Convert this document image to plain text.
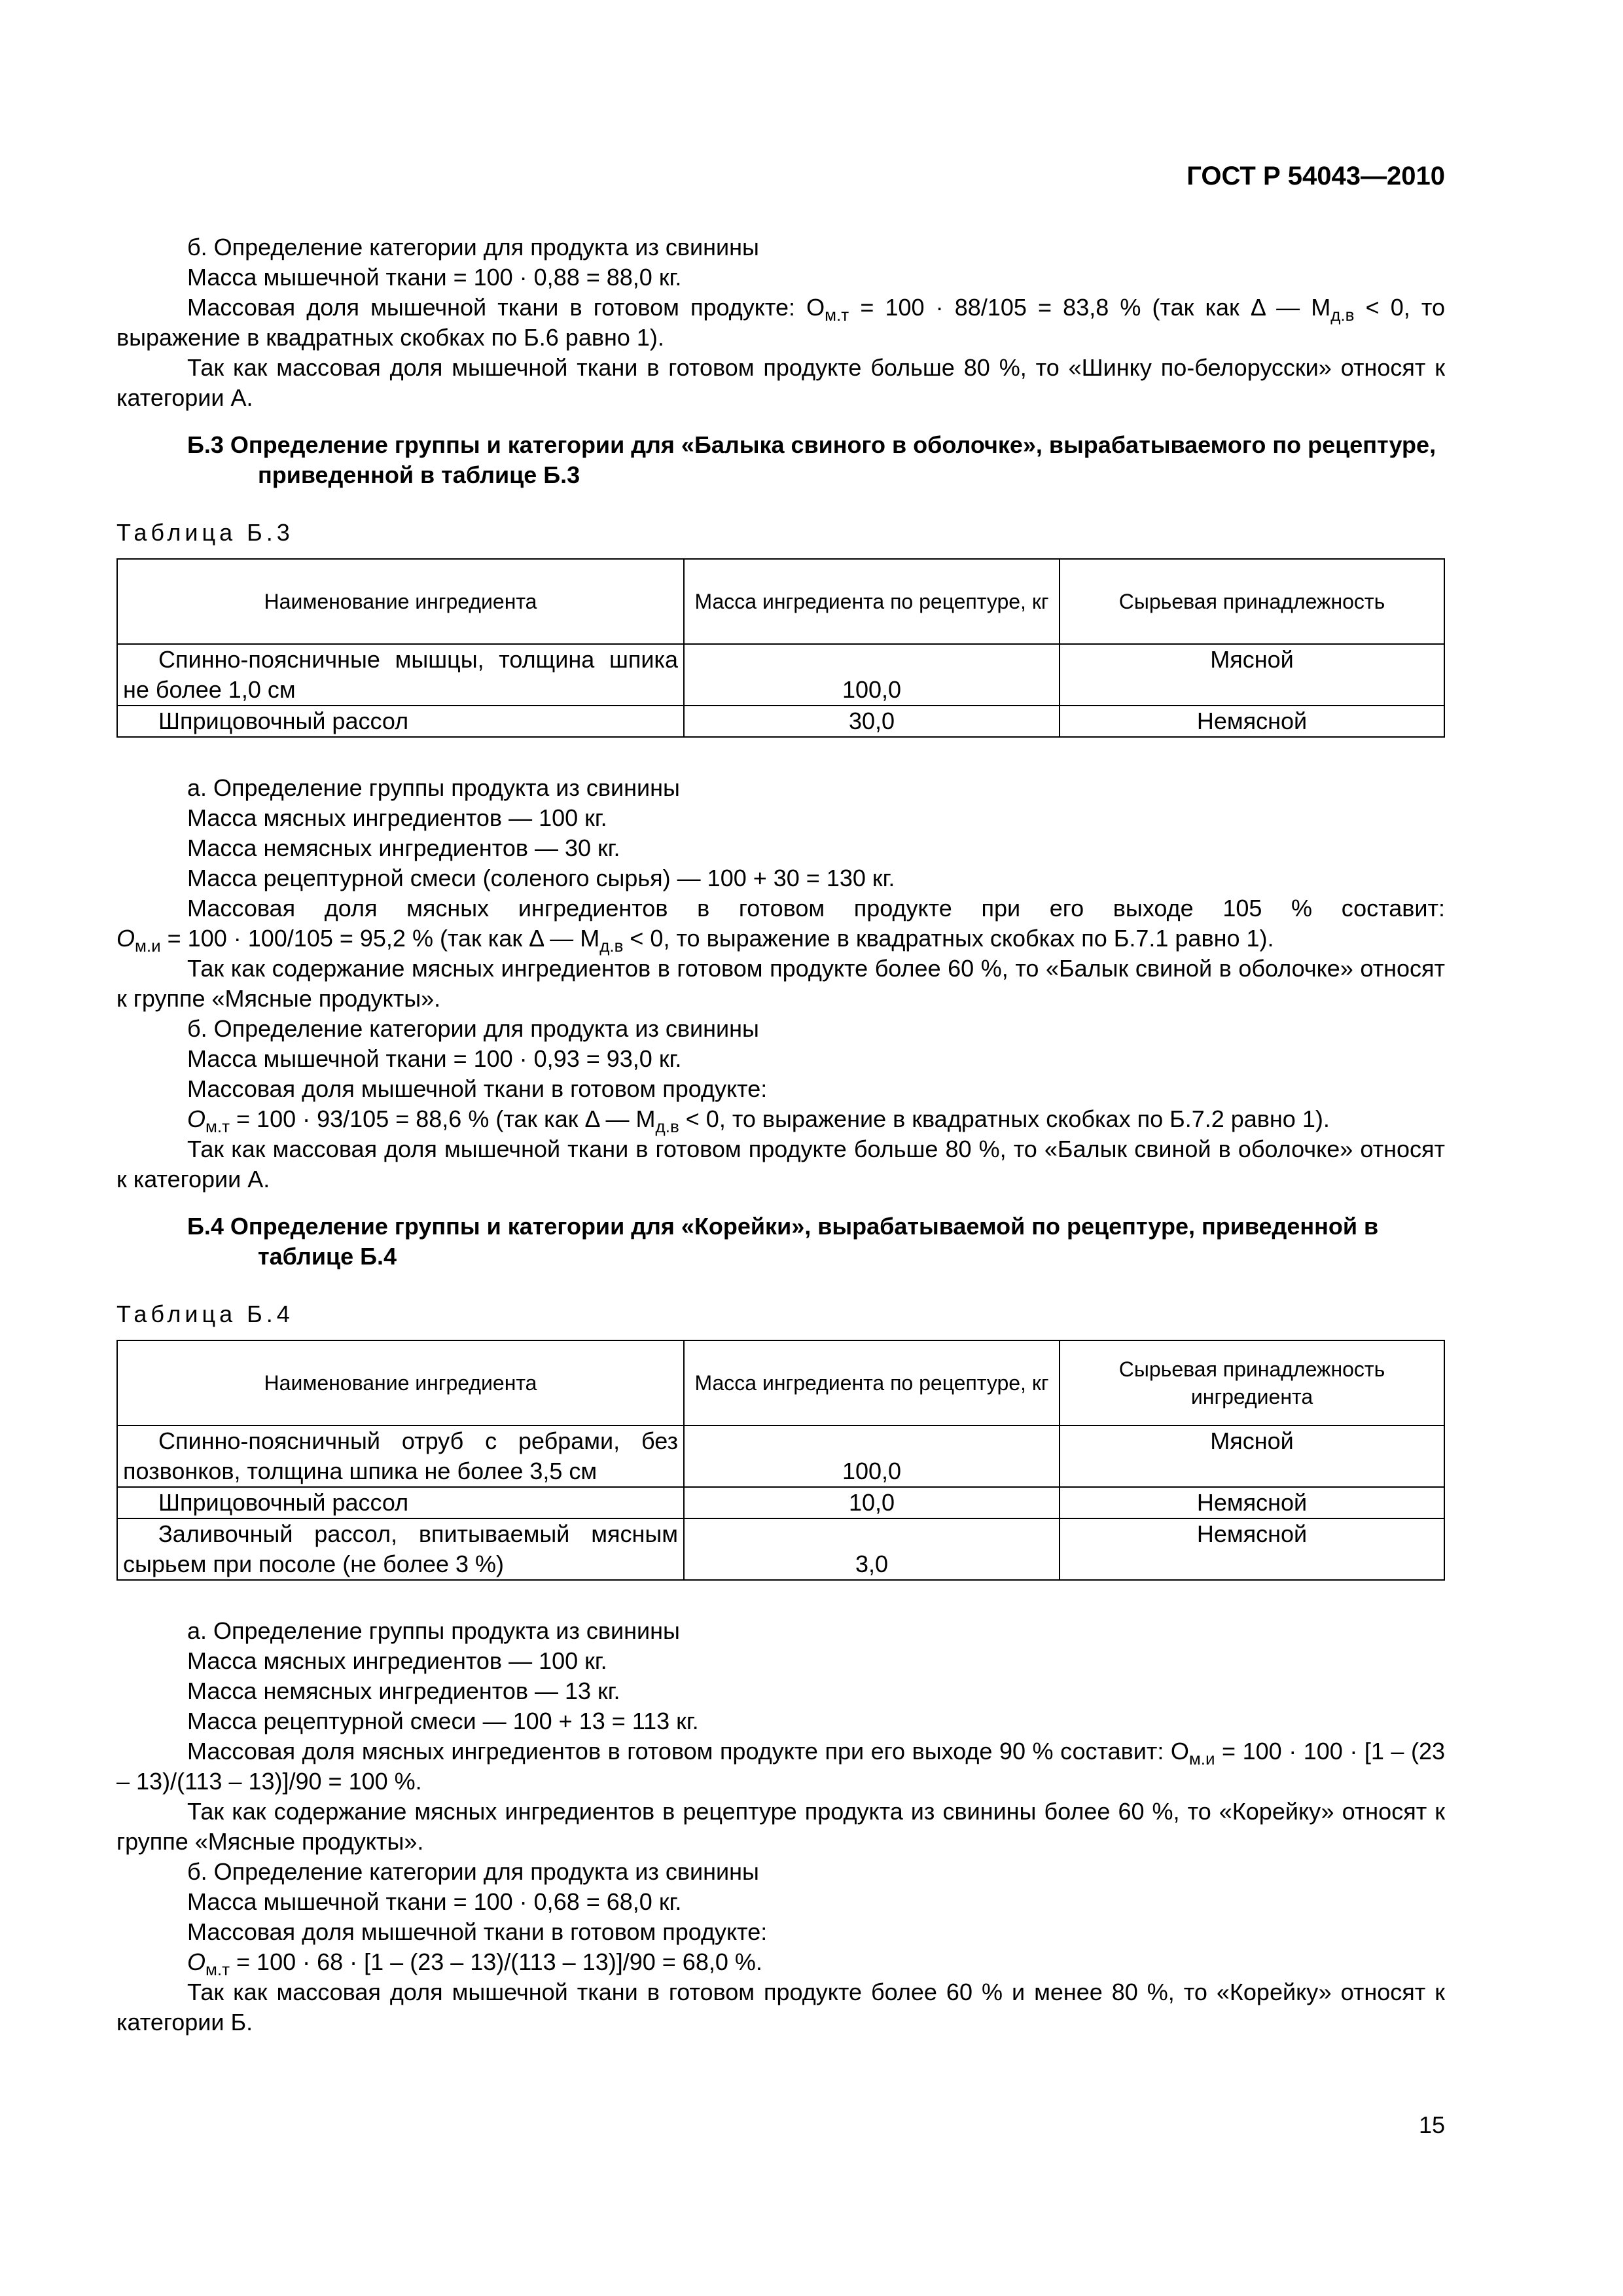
ГОСТ Р 54043—2010

б. Определение категории для продукта из свинины

Масса мышечной ткани = 100 · 0,88 = 88,0 кг.

Массовая доля мышечной ткани в готовом продукте: $О_{м.т} = 100 \cdot 88/105 = 83,8$ % (так как Δ — $М_{д.в} < 0$, то выражение в квадратных скобках по Б.6 равно 1).

Так как массовая доля мышечной ткани в готовом продукте больше 80 %, то «Шинку по-белорусски» относят к категории А.

Б.3 Определение группы и категории для «Балыка свиного в оболочке», вырабатываемого по рецептуре, приведенной в таблице Б.3

Таблица Б.3

Наименование ингредиента	Масса ингредиента по рецептуре, кг	Сырьевая принадлежность
Спинно-поясничные мышцы, толщина шпика не более 1,0 см	100,0	Мясной
Шприцовочный рассол	30,0	Немясной

а. Определение группы продукта из свинины

Масса мясных ингредиентов — 100 кг.

Масса немясных ингредиентов — 30 кг.

Масса рецептурной смеси (соленого сырья) — 100 + 30 = 130 кг.

Массовая доля мясных ингредиентов в готовом продукте при его выходе 105 % составит:

$О_{м.и} = 100 \cdot 100/105 = 95,2$ % (так как Δ — $М_{д.в} < 0$, то выражение в квадратных скобках по Б.7.1 равно 1).

Так как содержание мясных ингредиентов в готовом продукте более 60 %, то «Балык свиной в оболочке» относят к группе «Мясные продукты».

б. Определение категории для продукта из свинины

Масса мышечной ткани = 100 · 0,93 = 93,0 кг.

Массовая доля мышечной ткани в готовом продукте:

$О_{м.т} = 100 \cdot 93/105 = 88,6$ % (так как Δ — $М_{д.в} < 0$, то выражение в квадратных скобках по Б.7.2 равно 1).

Так как массовая доля мышечной ткани в готовом продукте больше 80 %, то «Балык свиной в оболочке» относят к категории А.

Б.4 Определение группы и категории для «Корейки», вырабатываемой по рецептуре, приведенной в таблице Б.4

Таблица Б.4

Наименование ингредиента	Масса ингредиента по рецептуре, кг	Сырьевая принадлежность ингредиента
Спинно-поясничный отруб с ребрами, без позвонков, толщина шпика не более 3,5 см	100,0	Мясной
Шприцовочный рассол	10,0	Немясной
Заливочный рассол, впитываемый мясным сырьем при посоле (не более 3 %)	3,0	Немясной

а. Определение группы продукта из свинины

Масса мясных ингредиентов — 100 кг.

Масса немясных ингредиентов — 13 кг.

Масса рецептурной смеси — 100 + 13 = 113 кг.

Массовая доля мясных ингредиентов в готовом продукте при его выходе 90 % составит: $О_{м.и} = 100 \cdot 100 \cdot [1 - (23 - 13)/(113 - 13)]/90 = 100$ %.

Так как содержание мясных ингредиентов в рецептуре продукта из свинины более 60 %, то «Корейку» относят к группе «Мясные продукты».

б. Определение категории для продукта из свинины

Масса мышечной ткани = 100 · 0,68 = 68,0 кг.

Массовая доля мышечной ткани в готовом продукте:

$О_{м.т} = 100 \cdot 68 \cdot [1 - (23 - 13)/(113 - 13)]/90 = 68,0$ %.

Так как массовая доля мышечной ткани в готовом продукте более 60 % и менее 80 %, то «Корейку» относят к категории Б.

15
